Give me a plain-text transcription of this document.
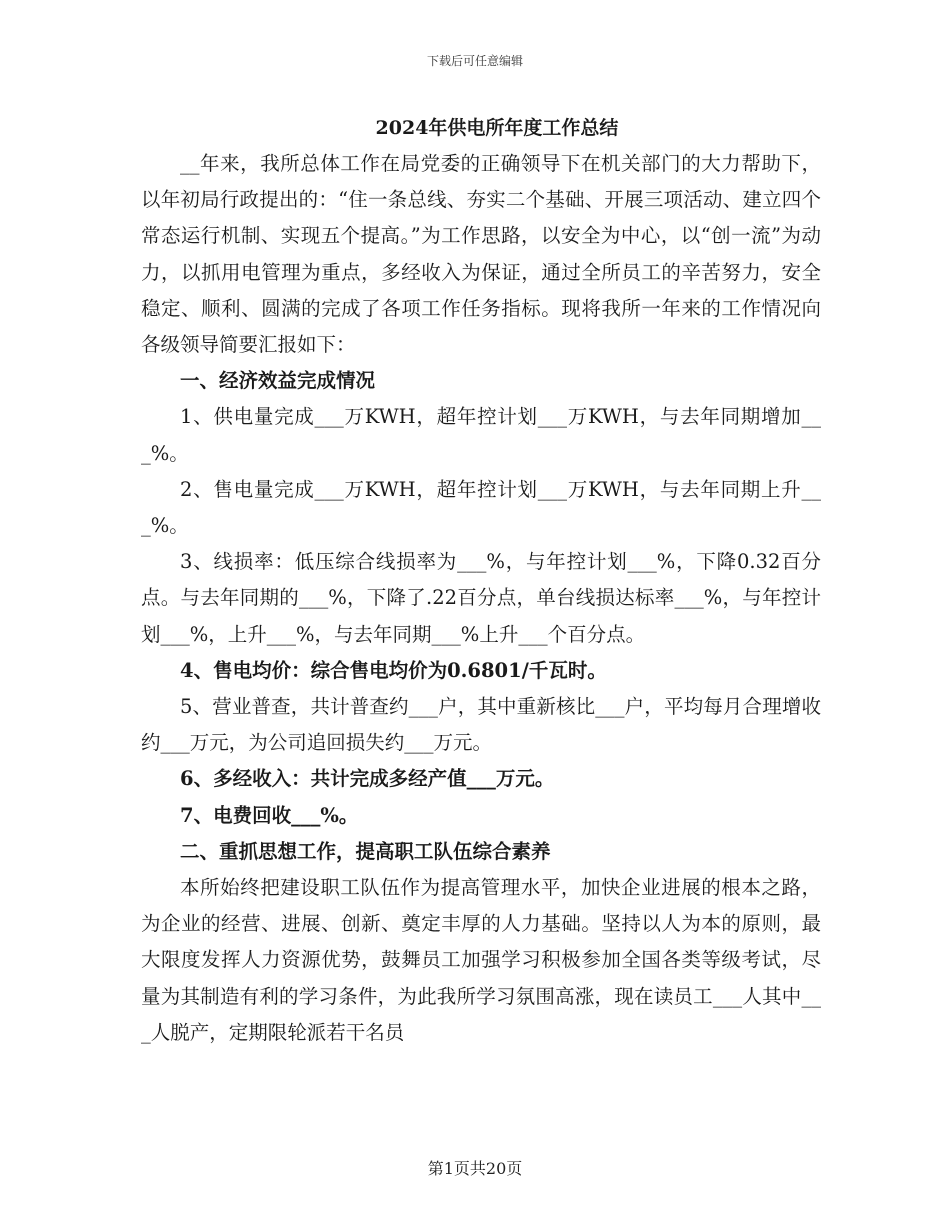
下载后可任意编辑
2024年供电所年度工作总结

__年来，我所总体工作在局党委的正确领导下在机关部门的大力帮助下，以年初局行政提出的：“住一条总线、夯实二个基础、开展三项活动、建立四个常态运行机制、实现五个提高。”为工作思路，以安全为中心，以“创一流”为动力，以抓用电管理为重点，多经收入为保证，通过全所员工的辛苦努力，安全稳定、顺利、圆满的完成了各项工作任务指标。现将我所一年来的工作情况向各级领导简要汇报如下：

一、经济效益完成情况

1、供电量完成___万KWH，超年控计划___万KWH，与去年同期增加___%。

2、售电量完成___万KWH，超年控计划___万KWH，与去年同期上升___%。

3、线损率：低压综合线损率为___%，与年控计划___%，下降0.32百分点。与去年同期的___%，下降了.22百分点，单台线损达标率___%，与年控计划___%，上升___%，与去年同期___%上升___个百分点。

4、售电均价：综合售电均价为0.6801/千瓦时。

5、营业普查，共计普查约___户，其中重新核比___户，平均每月合理增收约___万元，为公司追回损失约___万元。

6、多经收入：共计完成多经产值___万元。

7、电费回收___%。

二、重抓思想工作，提高职工队伍综合素养

本所始终把建设职工队伍作为提高管理水平，加快企业进展的根本之路，为企业的经营、进展、创新、奠定丰厚的人力基础。坚持以人为本的原则，最大限度发挥人力资源优势，鼓舞员工加强学习积极参加全国各类等级考试，尽量为其制造有利的学习条件，为此我所学习氛围高涨，现在读员工___人其中___人脱产，定期限轮派若干名员

第1页共20页
